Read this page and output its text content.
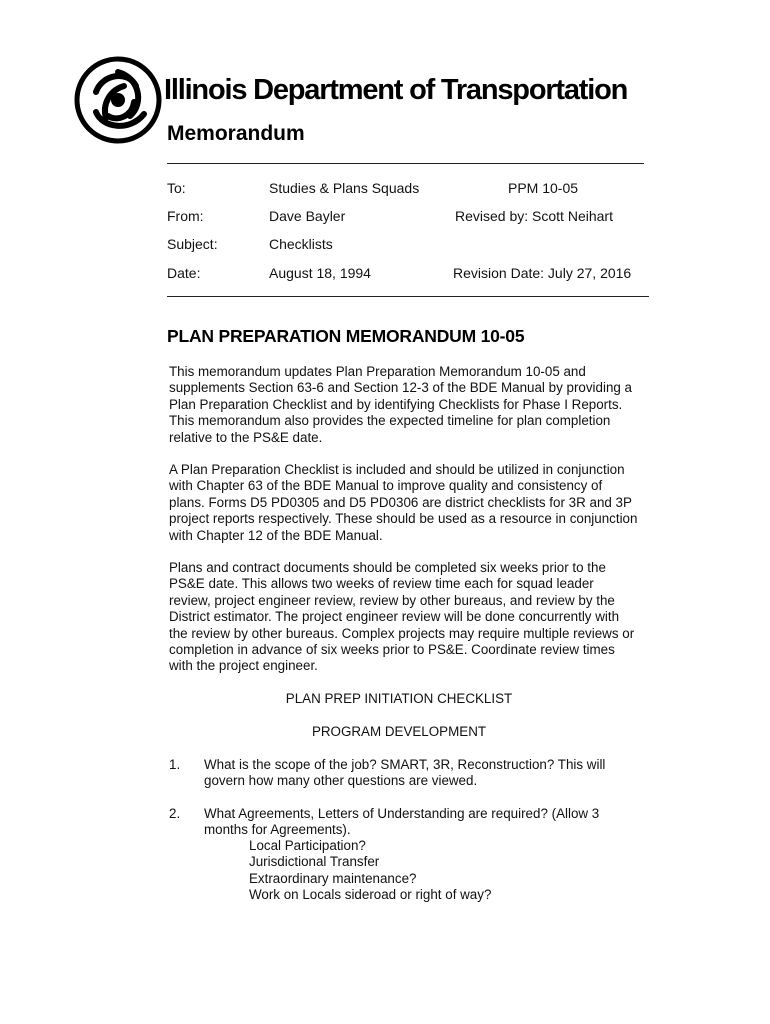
Illinois Department of Transportation
Memorandum
To:	Studies & Plans Squads	PPM 10-05
From:	Dave Bayler	Revised by: Scott Neihart
Subject:	Checklists
Date:	August 18, 1994	Revision Date: July 27, 2016
PLAN PREPARATION MEMORANDUM 10-05
This memorandum updates Plan Preparation Memorandum 10-05 and
supplements Section 63-6 and Section 12-3 of the BDE Manual by providing a
Plan Preparation Checklist and by identifying Checklists for Phase I Reports.
This memorandum also provides the expected timeline for plan completion
relative to the PS&E date.
A Plan Preparation Checklist is included and should be utilized in conjunction
with Chapter 63 of the BDE Manual to improve quality and consistency of
plans. Forms D5 PD0305 and D5 PD0306 are district checklists for 3R and 3P
project reports respectively. These should be used as a resource in conjunction
with Chapter 12 of the BDE Manual.
Plans and contract documents should be completed six weeks prior to the
PS&E date. This allows two weeks of review time each for squad leader
review, project engineer review, review by other bureaus, and review by the
District estimator. The project engineer review will be done concurrently with
the review by other bureaus. Complex projects may require multiple reviews or
completion in advance of six weeks prior to PS&E. Coordinate review times
with the project engineer.
PLAN PREP INITIATION CHECKLIST
PROGRAM DEVELOPMENT
1. What is the scope of the job? SMART, 3R, Reconstruction? This will
govern how many other questions are viewed.
2. What Agreements, Letters of Understanding are required? (Allow 3
months for Agreements).
Local Participation?
Jurisdictional Transfer
Extraordinary maintenance?
Work on Locals sideroad or right of way?
